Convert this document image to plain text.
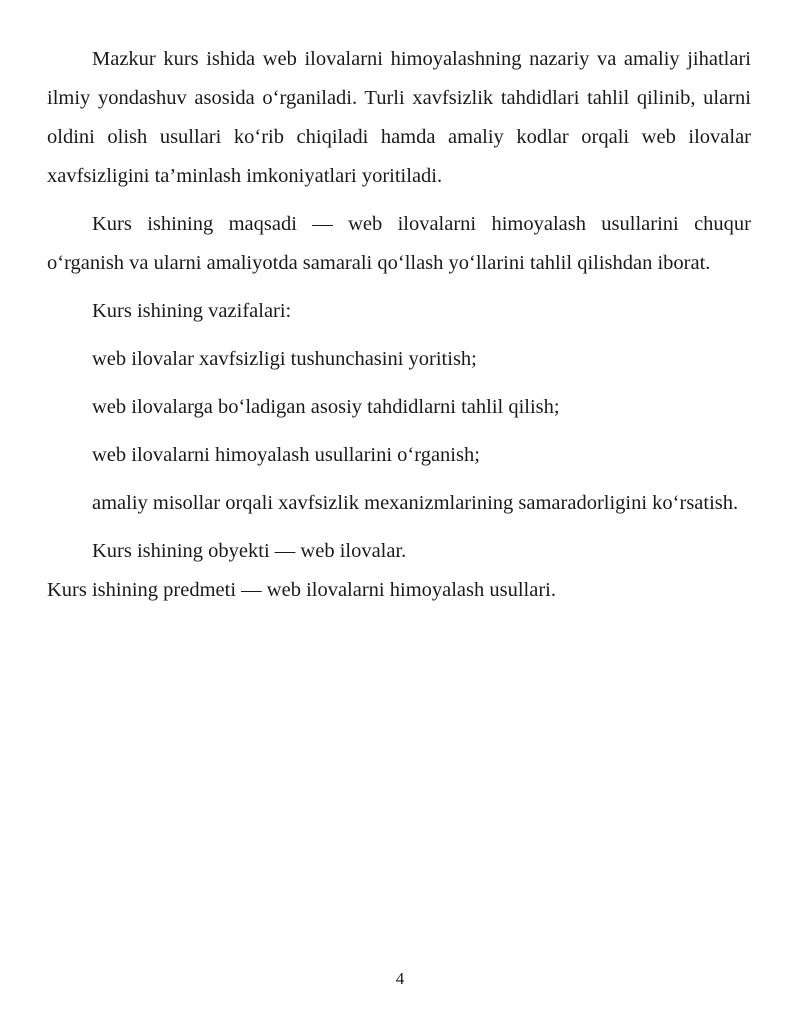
Mazkur kurs ishida web ilovalarni himoyalashning nazariy va amaliy jihatlari ilmiy yondashuv asosida o‘rganiladi. Turli xavfsizlik tahdidlari tahlil qilinib, ularni oldini olish usullari ko‘rib chiqiladi hamda amaliy kodlar orqali web ilovalar xavfsizligini ta’minlash imkoniyatlari yoritiladi.

Kurs ishining maqsadi — web ilovalarni himoyalash usullarini chuqur o‘rganish va ularni amaliyotda samarali qo‘llash yo‘llarini tahlil qilishdan iborat.

Kurs ishining vazifalari:

web ilovalar xavfsizligi tushunchasini yoritish;

web ilovalarga bo‘ladigan asosiy tahdidlarni tahlil qilish;

web ilovalarni himoyalash usullarini o‘rganish;

amaliy misollar orqali xavfsizlik mexanizmlarining samaradorligini ko‘rsatish.

Kurs ishining obyekti — web ilovalar.

Kurs ishining predmeti — web ilovalarni himoyalash usullari.

4
